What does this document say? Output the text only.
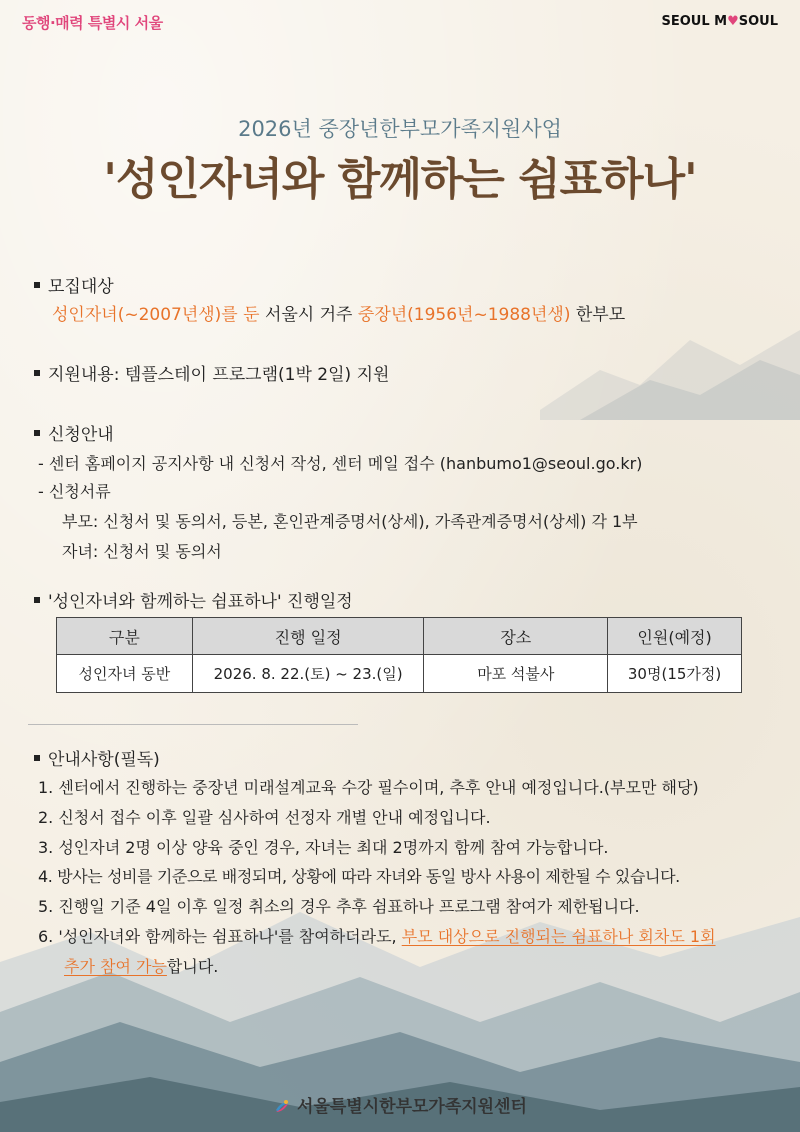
동행·매력 특별시 서울	SEOUL M♥SOUL
2026년 중장년한부모가족지원사업
'성인자녀와 함께하는 쉼표하나'
모집대상
성인자녀(~2007년생)를 둔 서울시 거주 중장년(1956년~1988년생) 한부모
지원내용: 템플스테이 프로그램(1박 2일) 지원
신청안내
- 센터 홈페이지 공지사항 내 신청서 작성, 센터 메일 접수 (hanbumo1@seoul.go.kr)
- 신청서류
부모: 신청서 및 동의서, 등본, 혼인관계증명서(상세), 가족관계증명서(상세) 각 1부
자녀: 신청서 및 동의서
'성인자녀와 함께하는 쉼표하나' 진행일정
구분	진행 일정	장소	인원(예정)
성인자녀 동반	2026. 8. 22.(토) ~ 23.(일)	마포 석불사	30명(15가정)
안내사항(필독)
1. 센터에서 진행하는 중장년 미래설계교육 수강 필수이며, 추후 안내 예정입니다.(부모만 해당)
2. 신청서 접수 이후 일괄 심사하여 선정자 개별 안내 예정입니다.
3. 성인자녀 2명 이상 양육 중인 경우, 자녀는 최대 2명까지 함께 참여 가능합니다.
4. 방사는 성비를 기준으로 배정되며, 상황에 따라 자녀와 동일 방사 사용이 제한될 수 있습니다.
5. 진행일 기준 4일 이후 일정 취소의 경우 추후 쉼표하나 프로그램 참여가 제한됩니다.
6. '성인자녀와 함께하는 쉼표하나'를 참여하더라도, 부모 대상으로 진행되는 쉼표하나 회차도 1회
추가 참여 가능합니다.
서울특별시한부모가족지원센터
